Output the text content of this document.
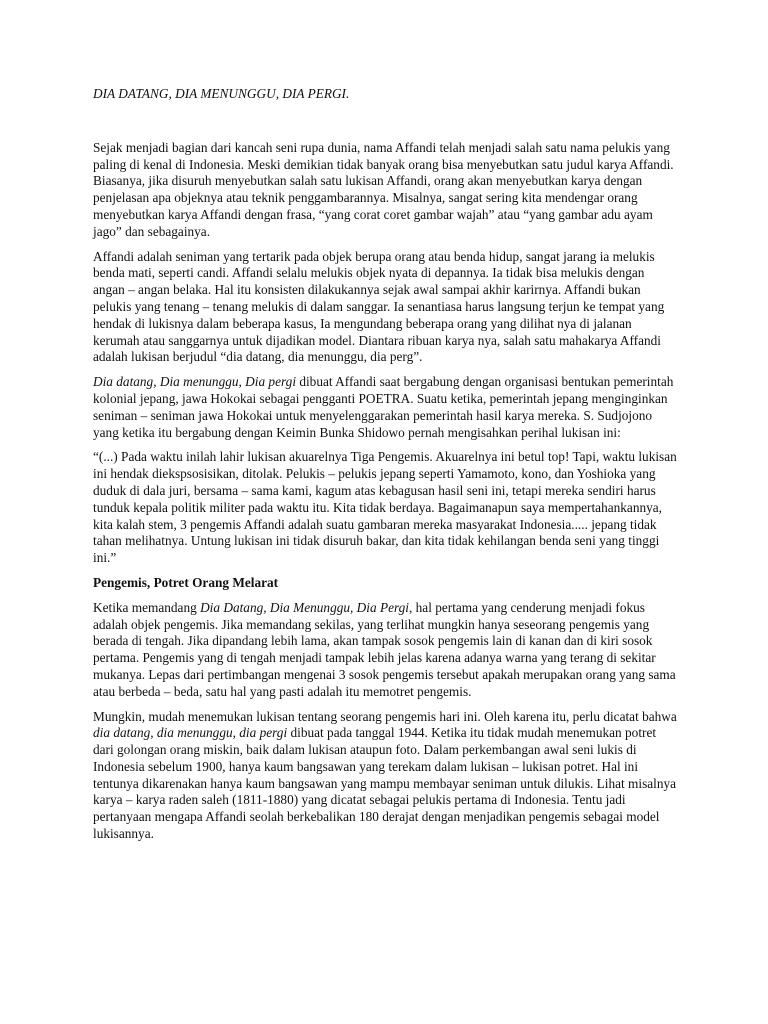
DIA DATANG, DIA MENUNGGU, DIA PERGI.

Sejak menjadi bagian dari kancah seni rupa dunia, nama Affandi telah menjadi salah satu nama pelukis yang paling di kenal di Indonesia. Meski demikian tidak banyak orang bisa menyebutkan satu judul karya Affandi. Biasanya, jika disuruh menyebutkan salah satu lukisan Affandi, orang akan menyebutkan karya dengan penjelasan apa objeknya atau teknik penggambarannya. Misalnya, sangat sering kita mendengar orang menyebutkan karya Affandi dengan frasa, “yang corat coret gambar wajah” atau “yang gambar adu ayam jago” dan sebagainya.

Affandi adalah seniman yang tertarik pada objek berupa orang atau benda hidup, sangat jarang ia melukis benda mati, seperti candi. Affandi selalu melukis objek nyata di depannya. Ia tidak bisa melukis dengan angan – angan belaka. Hal itu konsisten dilakukannya sejak awal sampai akhir karirnya. Affandi bukan pelukis yang tenang – tenang melukis di dalam sanggar. Ia senantiasa harus langsung terjun ke tempat yang hendak di lukisnya dalam beberapa kasus, Ia mengundang beberapa orang yang dilihat nya di jalanan kerumah atau sanggarnya untuk dijadikan model. Diantara ribuan karya nya, salah satu mahakarya Affandi adalah lukisan berjudul “dia datang, dia menunggu, dia perg”.

Dia datang, Dia menunggu, Dia pergi dibuat Affandi saat bergabung dengan organisasi bentukan pemerintah kolonial jepang, jawa Hokokai sebagai pengganti POETRA. Suatu ketika, pemerintah jepang menginginkan seniman – seniman jawa Hokokai untuk menyelenggarakan pemerintah hasil karya mereka. S. Sudjojono yang ketika itu bergabung dengan Keimin Bunka Shidowo pernah mengisahkan perihal lukisan ini:

“(...) Pada waktu inilah lahir lukisan akuarelnya Tiga Pengemis. Akuarelnya ini betul top! Tapi, waktu lukisan ini hendak diekspsosisikan, ditolak. Pelukis – pelukis jepang seperti Yamamoto, kono, dan Yoshioka yang duduk di dala juri, bersama – sama kami, kagum atas kebagusan hasil seni ini, tetapi mereka sendiri harus tunduk kepala politik militer pada waktu itu. Kita tidak berdaya. Bagaimanapun saya mempertahankannya, kita kalah stem, 3 pengemis Affandi adalah suatu gambaran mereka masyarakat Indonesia..... jepang tidak tahan melihatnya. Untung lukisan ini tidak disuruh bakar, dan kita tidak kehilangan benda seni yang tinggi ini.”

Pengemis, Potret Orang Melarat

Ketika memandang Dia Datang, Dia Menunggu, Dia Pergi, hal pertama yang cenderung menjadi fokus adalah objek pengemis. Jika memandang sekilas, yang terlihat mungkin hanya seseorang pengemis yang berada di tengah. Jika dipandang lebih lama, akan tampak sosok pengemis lain di kanan dan di kiri sosok pertama. Pengemis yang di tengah menjadi tampak lebih jelas karena adanya warna yang terang di sekitar mukanya. Lepas dari pertimbangan mengenai 3 sosok pengemis tersebut apakah merupakan orang yang sama atau berbeda – beda, satu hal yang pasti adalah itu memotret pengemis.

Mungkin, mudah menemukan lukisan tentang seorang pengemis hari ini. Oleh karena itu, perlu dicatat bahwa dia datang, dia menunggu, dia pergi dibuat pada tanggal 1944. Ketika itu tidak mudah menemukan potret dari golongan orang miskin, baik dalam lukisan ataupun foto. Dalam perkembangan awal seni lukis di Indonesia sebelum 1900, hanya kaum bangsawan yang terekam dalam lukisan – lukisan potret. Hal ini tentunya dikarenakan hanya kaum bangsawan yang mampu membayar seniman untuk dilukis. Lihat misalnya karya – karya raden saleh (1811-1880) yang dicatat sebagai pelukis pertama di Indonesia. Tentu jadi pertanyaan mengapa Affandi seolah berkebalikan 180 derajat dengan menjadikan pengemis sebagai model lukisannya.
